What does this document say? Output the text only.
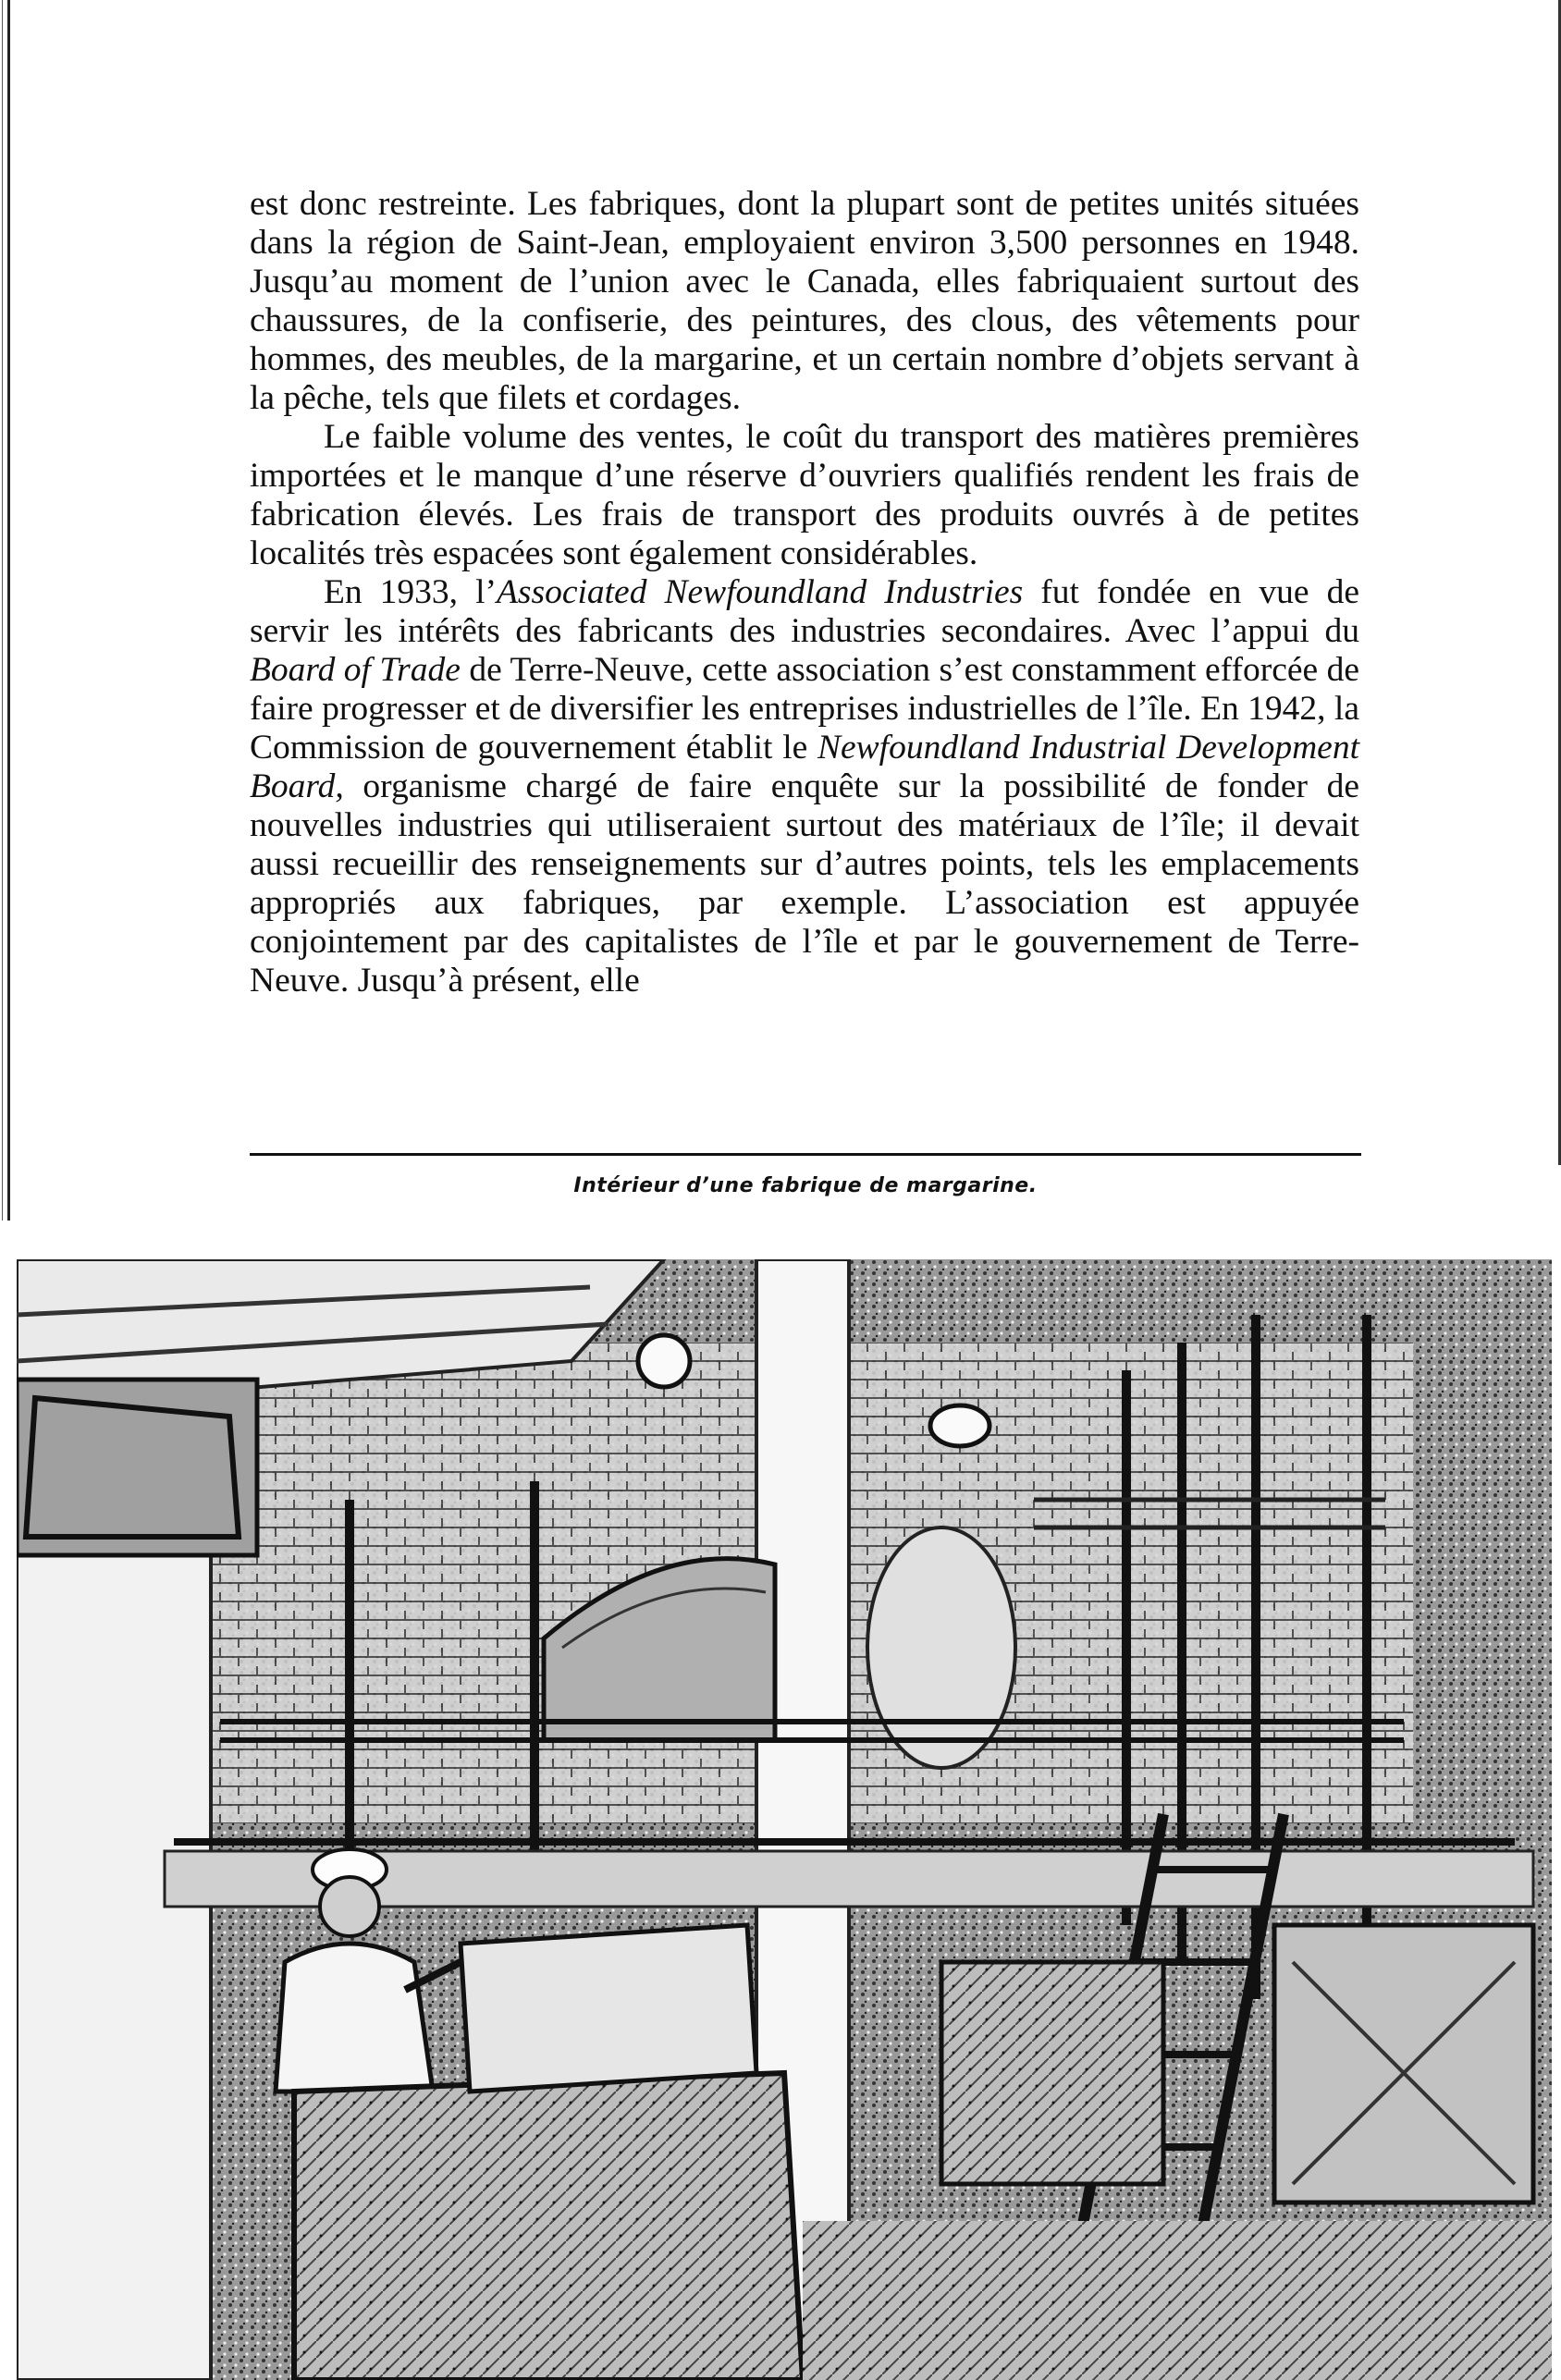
est donc restreinte. Les fabriques, dont la plupart sont de petites unités situées dans la région de Saint-Jean, employaient environ 3,500 personnes en 1948. Jusqu’au moment de l’union avec le Canada, elles fabriquaient surtout des chaussures, de la confiserie, des peintures, des clous, des vêtements pour hommes, des meubles, de la margarine, et un certain nombre d’objets servant à la pêche, tels que filets et cordages.

Le faible volume des ventes, le coût du transport des matières premières importées et le manque d’une réserve d’ouvriers qualifiés rendent les frais de fabrication élevés. Les frais de transport des produits ouvrés à de petites localités très espacées sont également considérables.

En 1933, l’Associated Newfoundland Industries fut fondée en vue de servir les intérêts des fabricants des industries secondaires. Avec l’appui du Board of Trade de Terre-Neuve, cette association s’est constamment efforcée de faire progresser et de diversifier les entreprises industrielles de l’île. En 1942, la Commission de gouvernement établit le Newfoundland Industrial Development Board, organisme chargé de faire enquête sur la possibilité de fonder de nouvelles industries qui utiliseraient surtout des matériaux de l’île; il devait aussi recueillir des renseignements sur d’autres points, tels les emplacements appropriés aux fabriques, par exemple. L’association est appuyée conjointement par des capitalistes de l’île et par le gouvernement de Terre-Neuve. Jusqu’à présent, elle

Intérieur d’une fabrique de margarine.
